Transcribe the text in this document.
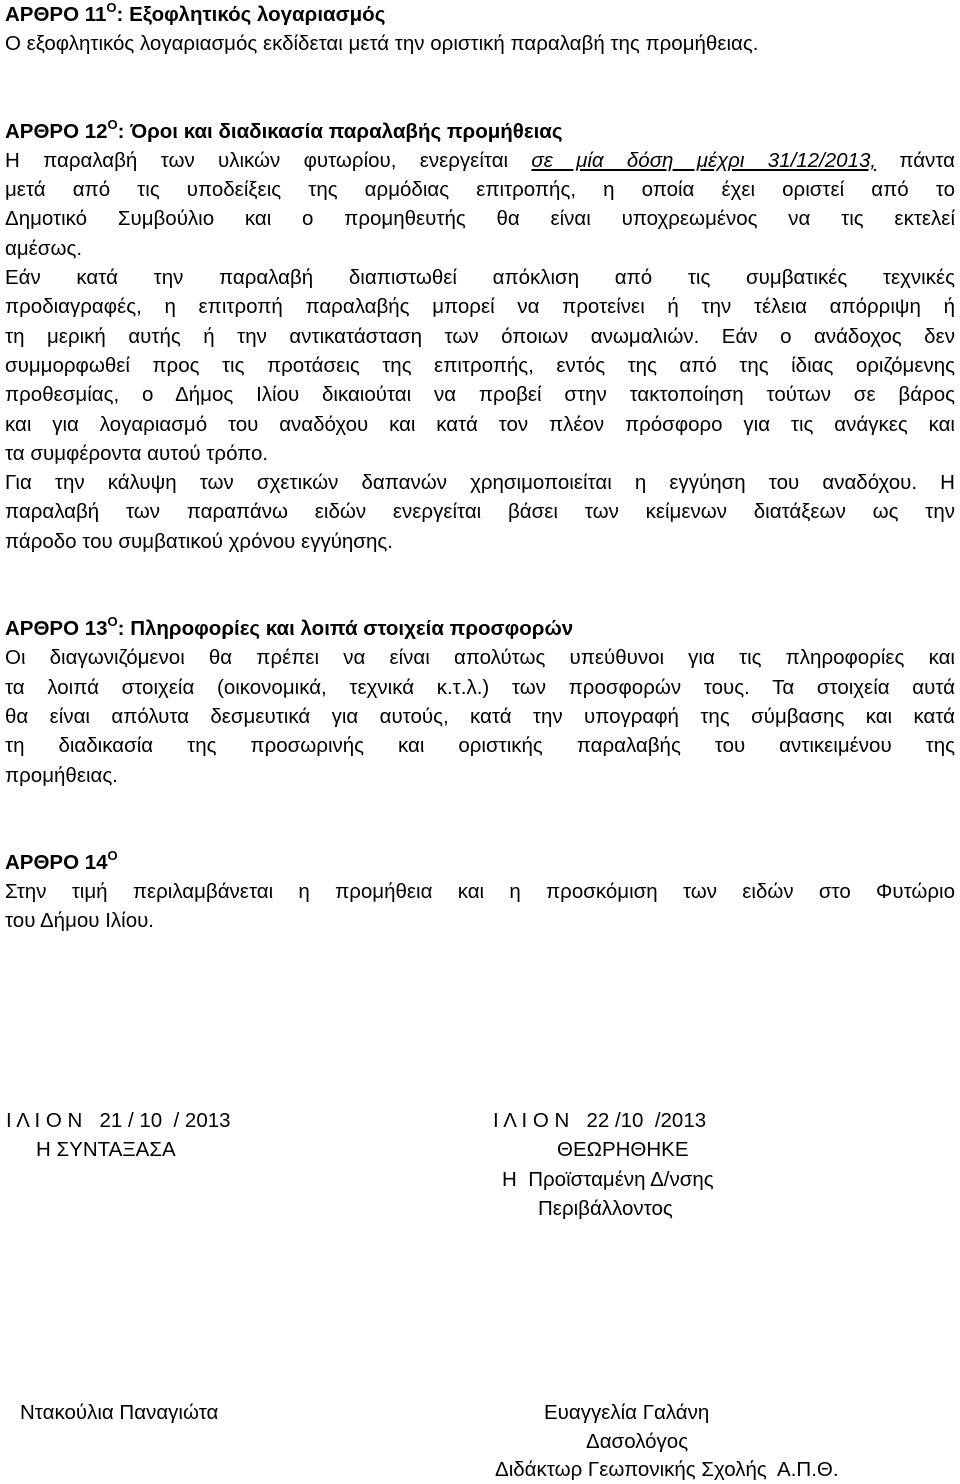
ΑΡΘΡΟ $11^O$: Εξοφλητικός λογαριασμός
Ο εξοφλητικός λογαριασμός εκδίδεται μετά την οριστική παραλαβή της προμήθειας.
ΑΡΘΡΟ $12^O$: Όροι και διαδικασία παραλαβής προμήθειας
Η παραλαβή των υλικών φυτωρίου, ενεργείται σε μία δόση μέχρι 31/12/2013, πάντα
μετά από τις υποδείξεις της αρμόδιας επιτροπής, η οποία έχει οριστεί από το
Δημοτικό Συμβούλιο και ο προμηθευτής θα είναι υποχρεωμένος να τις εκτελεί
αμέσως.
Εάν κατά την παραλαβή διαπιστωθεί απόκλιση από τις συμβατικές τεχνικές
προδιαγραφές, η επιτροπή παραλαβής μπορεί να προτείνει ή την τέλεια απόρριψη ή
τη μερική αυτής ή την αντικατάσταση των όποιων ανωμαλιών. Εάν ο ανάδοχος δεν
συμμορφωθεί προς τις προτάσεις της επιτροπής, εντός της από της ίδιας οριζόμενης
προθεσμίας, ο Δήμος Ιλίου δικαιούται να προβεί στην τακτοποίηση τούτων σε βάρος
και για λογαριασμό του αναδόχου και κατά τον πλέον πρόσφορο για τις ανάγκες και
τα συμφέροντα αυτού τρόπο.
Για την κάλυψη των σχετικών δαπανών χρησιμοποιείται η εγγύηση του αναδόχου. Η
παραλαβή των παραπάνω ειδών ενεργείται βάσει των κείμενων διατάξεων ως την
πάροδο του συμβατικού χρόνου εγγύησης.
ΑΡΘΡΟ $13^O$: Πληροφορίες και λοιπά στοιχεία προσφορών
Οι διαγωνιζόμενοι θα πρέπει να είναι απολύτως υπεύθυνοι για τις πληροφορίες και
τα λοιπά στοιχεία (οικονομικά, τεχνικά κ.τ.λ.) των προσφορών τους. Τα στοιχεία αυτά
θα είναι απόλυτα δεσμευτικά για αυτούς, κατά την υπογραφή της σύμβασης και κατά
τη διαδικασία της προσωρινής και οριστικής παραλαβής του αντικειμένου της
προμήθειας.
ΑΡΘΡΟ $14^O$
Στην τιμή περιλαμβάνεται η προμήθεια και η προσκόμιση των ειδών στο Φυτώριο
του Δήμου Ιλίου.
Ι Λ Ι Ο Ν   21 / 10  / 2013
Η ΣΥΝΤΑΞΑΣΑ
Ντακούλια Παναγιώτα
Ι Λ Ι Ο Ν   22 /10  /2013
ΘΕΩΡΗΘΗΚΕ
Η  Προϊσταμένη Δ/νσης
Περιβάλλοντος
Ευαγγελία Γαλάνη
Δασολόγος
Διδάκτωρ Γεωπονικής Σχολής  Α.Π.Θ.
